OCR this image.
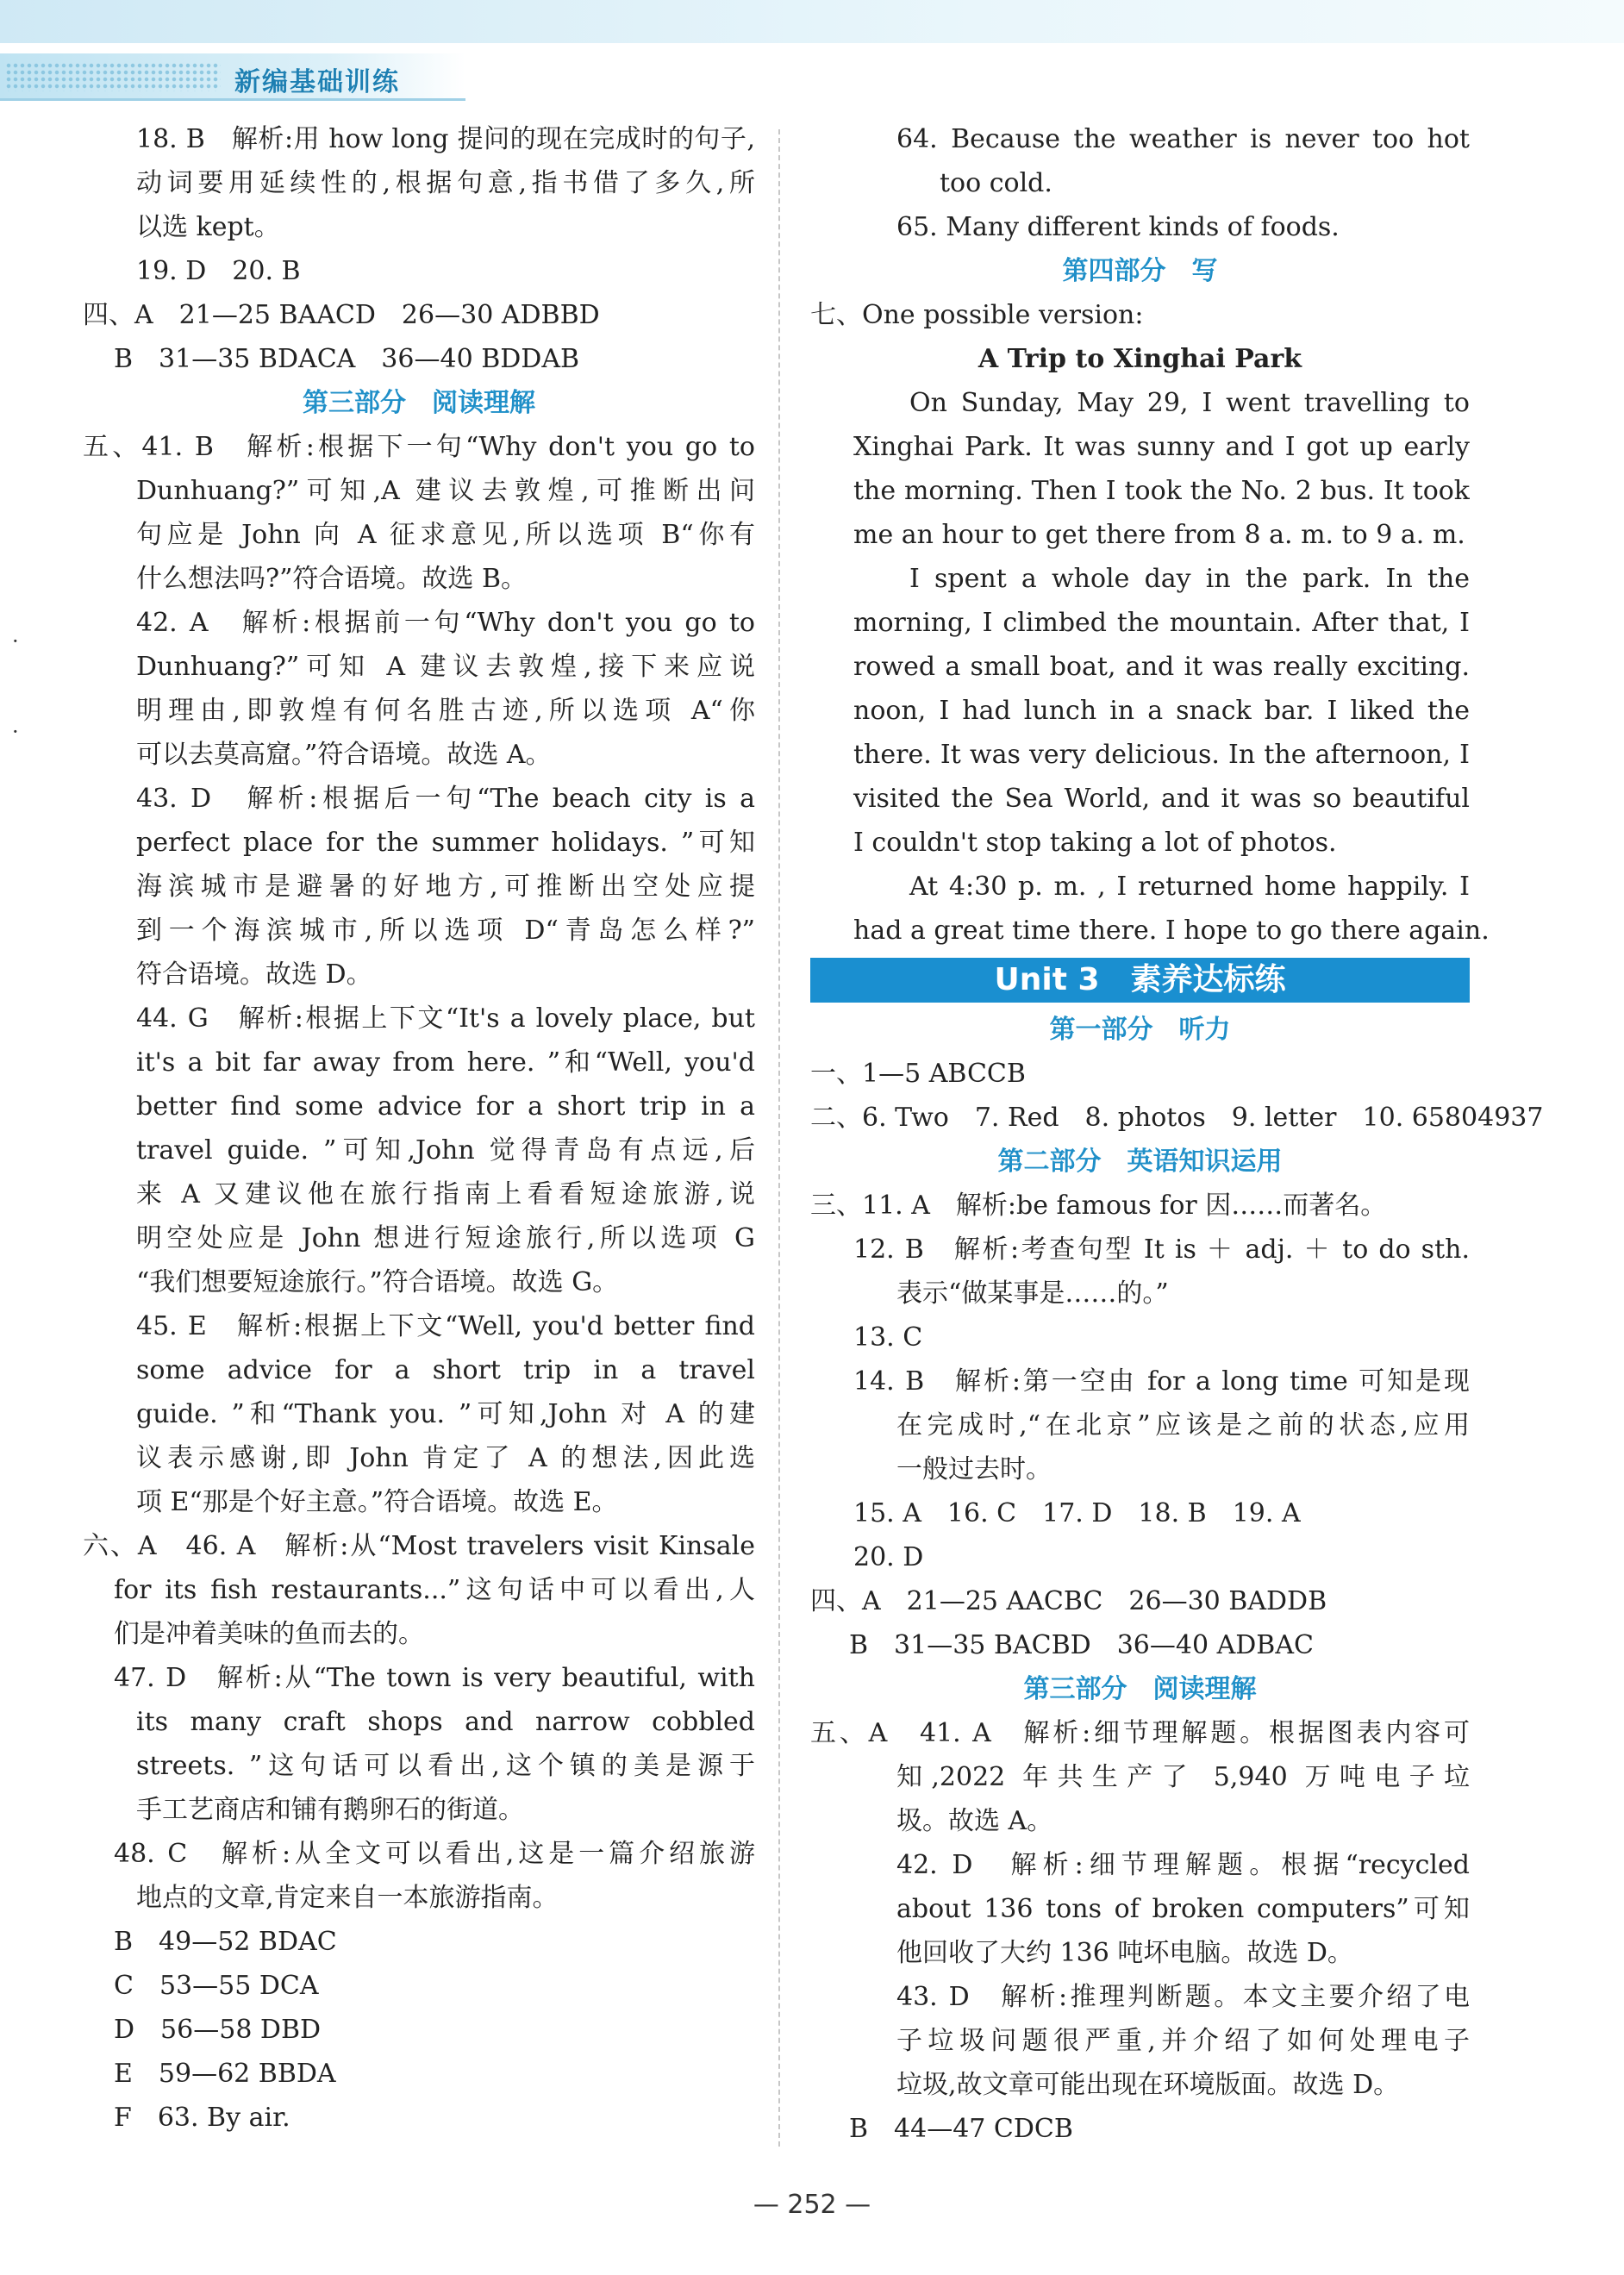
新编基础训练
·
·
18. B　解析:用 how long 提问的现在完成时的句子,
动词要用延续性的,根据句意,指书借了多久,所
以选 kept。
19. D　20. B
四、A　21—25 BAACD　26—30 ADBBD
B　31—35 BDACA　36—40 BDDAB
第三部分　阅读理解
五、41. B　解析:根据下一句“Why don't you go to
Dunhuang?”可知,A 建议去敦煌,可推断出问
句应是 John 向 A 征求意见,所以选项 B“你有
什么想法吗?”符合语境。故选 B。
42. A　解析:根据前一句“Why don't you go to
Dunhuang?”可知 A 建议去敦煌,接下来应说
明理由,即敦煌有何名胜古迹,所以选项 A“你
可以去莫高窟。”符合语境。故选 A。
43. D　解析:根据后一句“The beach city is a
perfect place for the summer holidays. ”可知
海滨城市是避暑的好地方,可推断出空处应提
到一个海滨城市,所以选项 D“青岛怎么样?”
符合语境。故选 D。
44. G　解析:根据上下文“It's a lovely place, but
it's a bit far away from here. ”和“Well, you'd
better find some advice for a short trip in a
travel guide. ”可知,John 觉得青岛有点远,后
来 A 又建议他在旅行指南上看看短途旅游,说
明空处应是 John 想进行短途旅行,所以选项 G
“我们想要短途旅行。”符合语境。故选 G。
45. E　解析:根据上下文“Well, you'd better find
some advice for a short trip in a travel
guide. ”和“Thank you. ”可知,John 对 A 的建
议表示感谢,即 John 肯定了 A 的想法,因此选
项 E“那是个好主意。”符合语境。故选 E。
六、A　46. A　解析:从“Most travelers visit Kinsale
for its fish restaurants...”这句话中可以看出,人
们是冲着美味的鱼而去的。
47. D　解析:从“The town is very beautiful, with
its many craft shops and narrow cobbled
streets. ”这句话可以看出,这个镇的美是源于
手工艺商店和铺有鹅卵石的街道。
48. C　解析:从全文可以看出,这是一篇介绍旅游
地点的文章,肯定来自一本旅游指南。
B　49—52 BDAC
C　53—55 DCA
D　56—58 DBD
E　59—62 BBDA
F　63. By air.
64. Because the weather is never too hot
too cold.
65. Many different kinds of foods.
第四部分　写
七、One possible version:
A Trip to Xinghai Park
On Sunday, May 29, I went travelling to
Xinghai Park. It was sunny and I got up early
the morning. Then I took the No. 2 bus. It took
me an hour to get there from 8 a. m. to 9 a. m.
I spent a whole day in the park. In the
morning, I climbed the mountain. After that, I
rowed a small boat, and it was really exciting.
noon, I had lunch in a snack bar. I liked the
there. It was very delicious. In the afternoon, I
visited the Sea World, and it was so beautiful
I couldn't stop taking a lot of photos.
At 4:30 p. m. , I returned home happily. I
had a great time there. I hope to go there again.
Unit 3　素养达标练
第一部分　听力
一、1—5 ABCCB
二、6. Two　7. Red　8. photos　9. letter　10. 65804937
第二部分　英语知识运用
三、11. A　解析:be famous for 因……而著名。
12. B　解析:考查句型 It is ＋ adj. ＋ to do sth.
表示“做某事是……的。”
13. C
14. B　解析:第一空由 for a long time 可知是现
在完成时,“在北京”应该是之前的状态,应用
一般过去时。
15. A　16. C　17. D　18. B　19. A
20. D
四、A　21—25 AACBC　26—30 BADDB
B　31—35 BACBD　36—40 ADBAC
第三部分　阅读理解
五、A　41. A　解析:细节理解题。根据图表内容可
知,2022 年共生产了 5,940 万吨电子垃
圾。故选 A。
42. D　解析:细节理解题。根据“recycled
about 136 tons of broken computers”可知
他回收了大约 136 吨坏电脑。故选 D。
43. D　解析:推理判断题。本文主要介绍了电
子垃圾问题很严重,并介绍了如何处理电子
垃圾,故文章可能出现在环境版面。故选 D。
B　44—47 CDCB
— 252 —
